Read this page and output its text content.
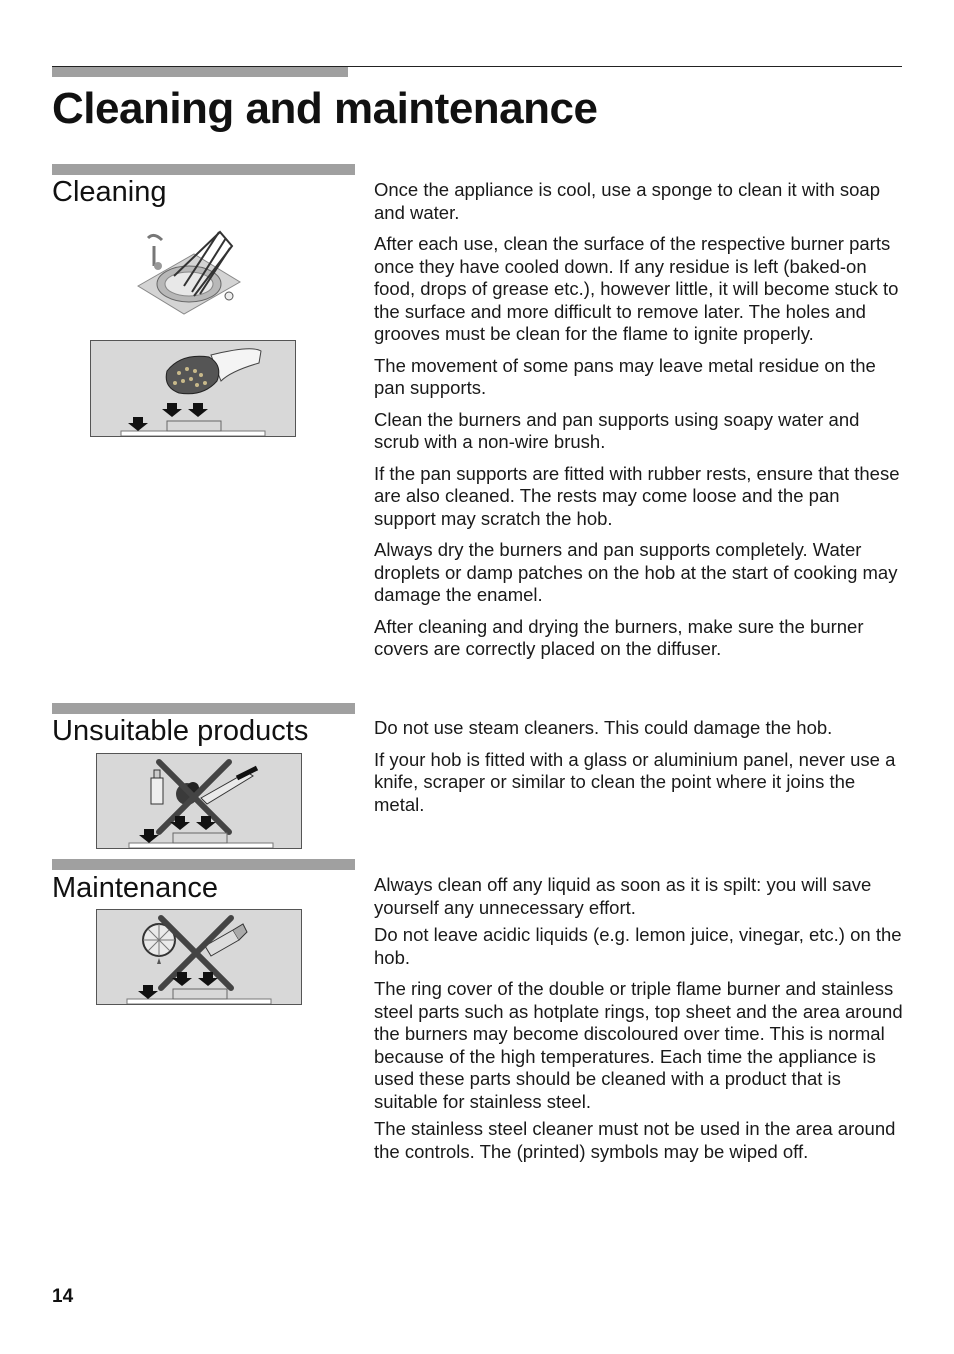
Cleaning and maintenance
Cleaning	Once the appliance is cool, use a sponge to clean it with soap and water.

After each use, clean the surface of the respective burner parts once they have cooled down. If any residue is left (baked-on food, drops of grease etc.), however little, it will become stuck to the surface and more difficult to remove later. The holes and grooves must be clean for the flame to ignite properly.

The movement of some pans may leave metal residue on the pan supports.

Clean the burners and pan supports using soapy water and scrub with a non-wire brush.

If the pan supports are fitted with rubber rests, ensure that these are also cleaned. The rests may come loose and the pan support may scratch the hob.

Always dry the burners and pan supports completely. Water droplets or damp patches on the hob at the start of cooking may damage the enamel.

After cleaning and drying the burners, make sure the burner covers are correctly placed on the diffuser.

Unsuitable products	Do not use steam cleaners. This could damage the hob.

If your hob is fitted with a glass or aluminium panel, never use a knife, scraper or similar to clean the point where it joins the metal.

Maintenance	Always clean off any liquid as soon as it is spilt: you will save yourself any unnecessary effort.

Do not leave acidic liquids (e.g. lemon juice, vinegar, etc.) on the hob.

The ring cover of the double or triple flame burner and stainless steel parts such as hotplate rings, top sheet and the area around the burners may become discoloured over time. This is normal because of the high temperatures. Each time the appliance is used these parts should be cleaned with a product that is suitable for stainless steel.

The stainless steel cleaner must not be used in the area around the controls. The (printed) symbols may be wiped off.

14
